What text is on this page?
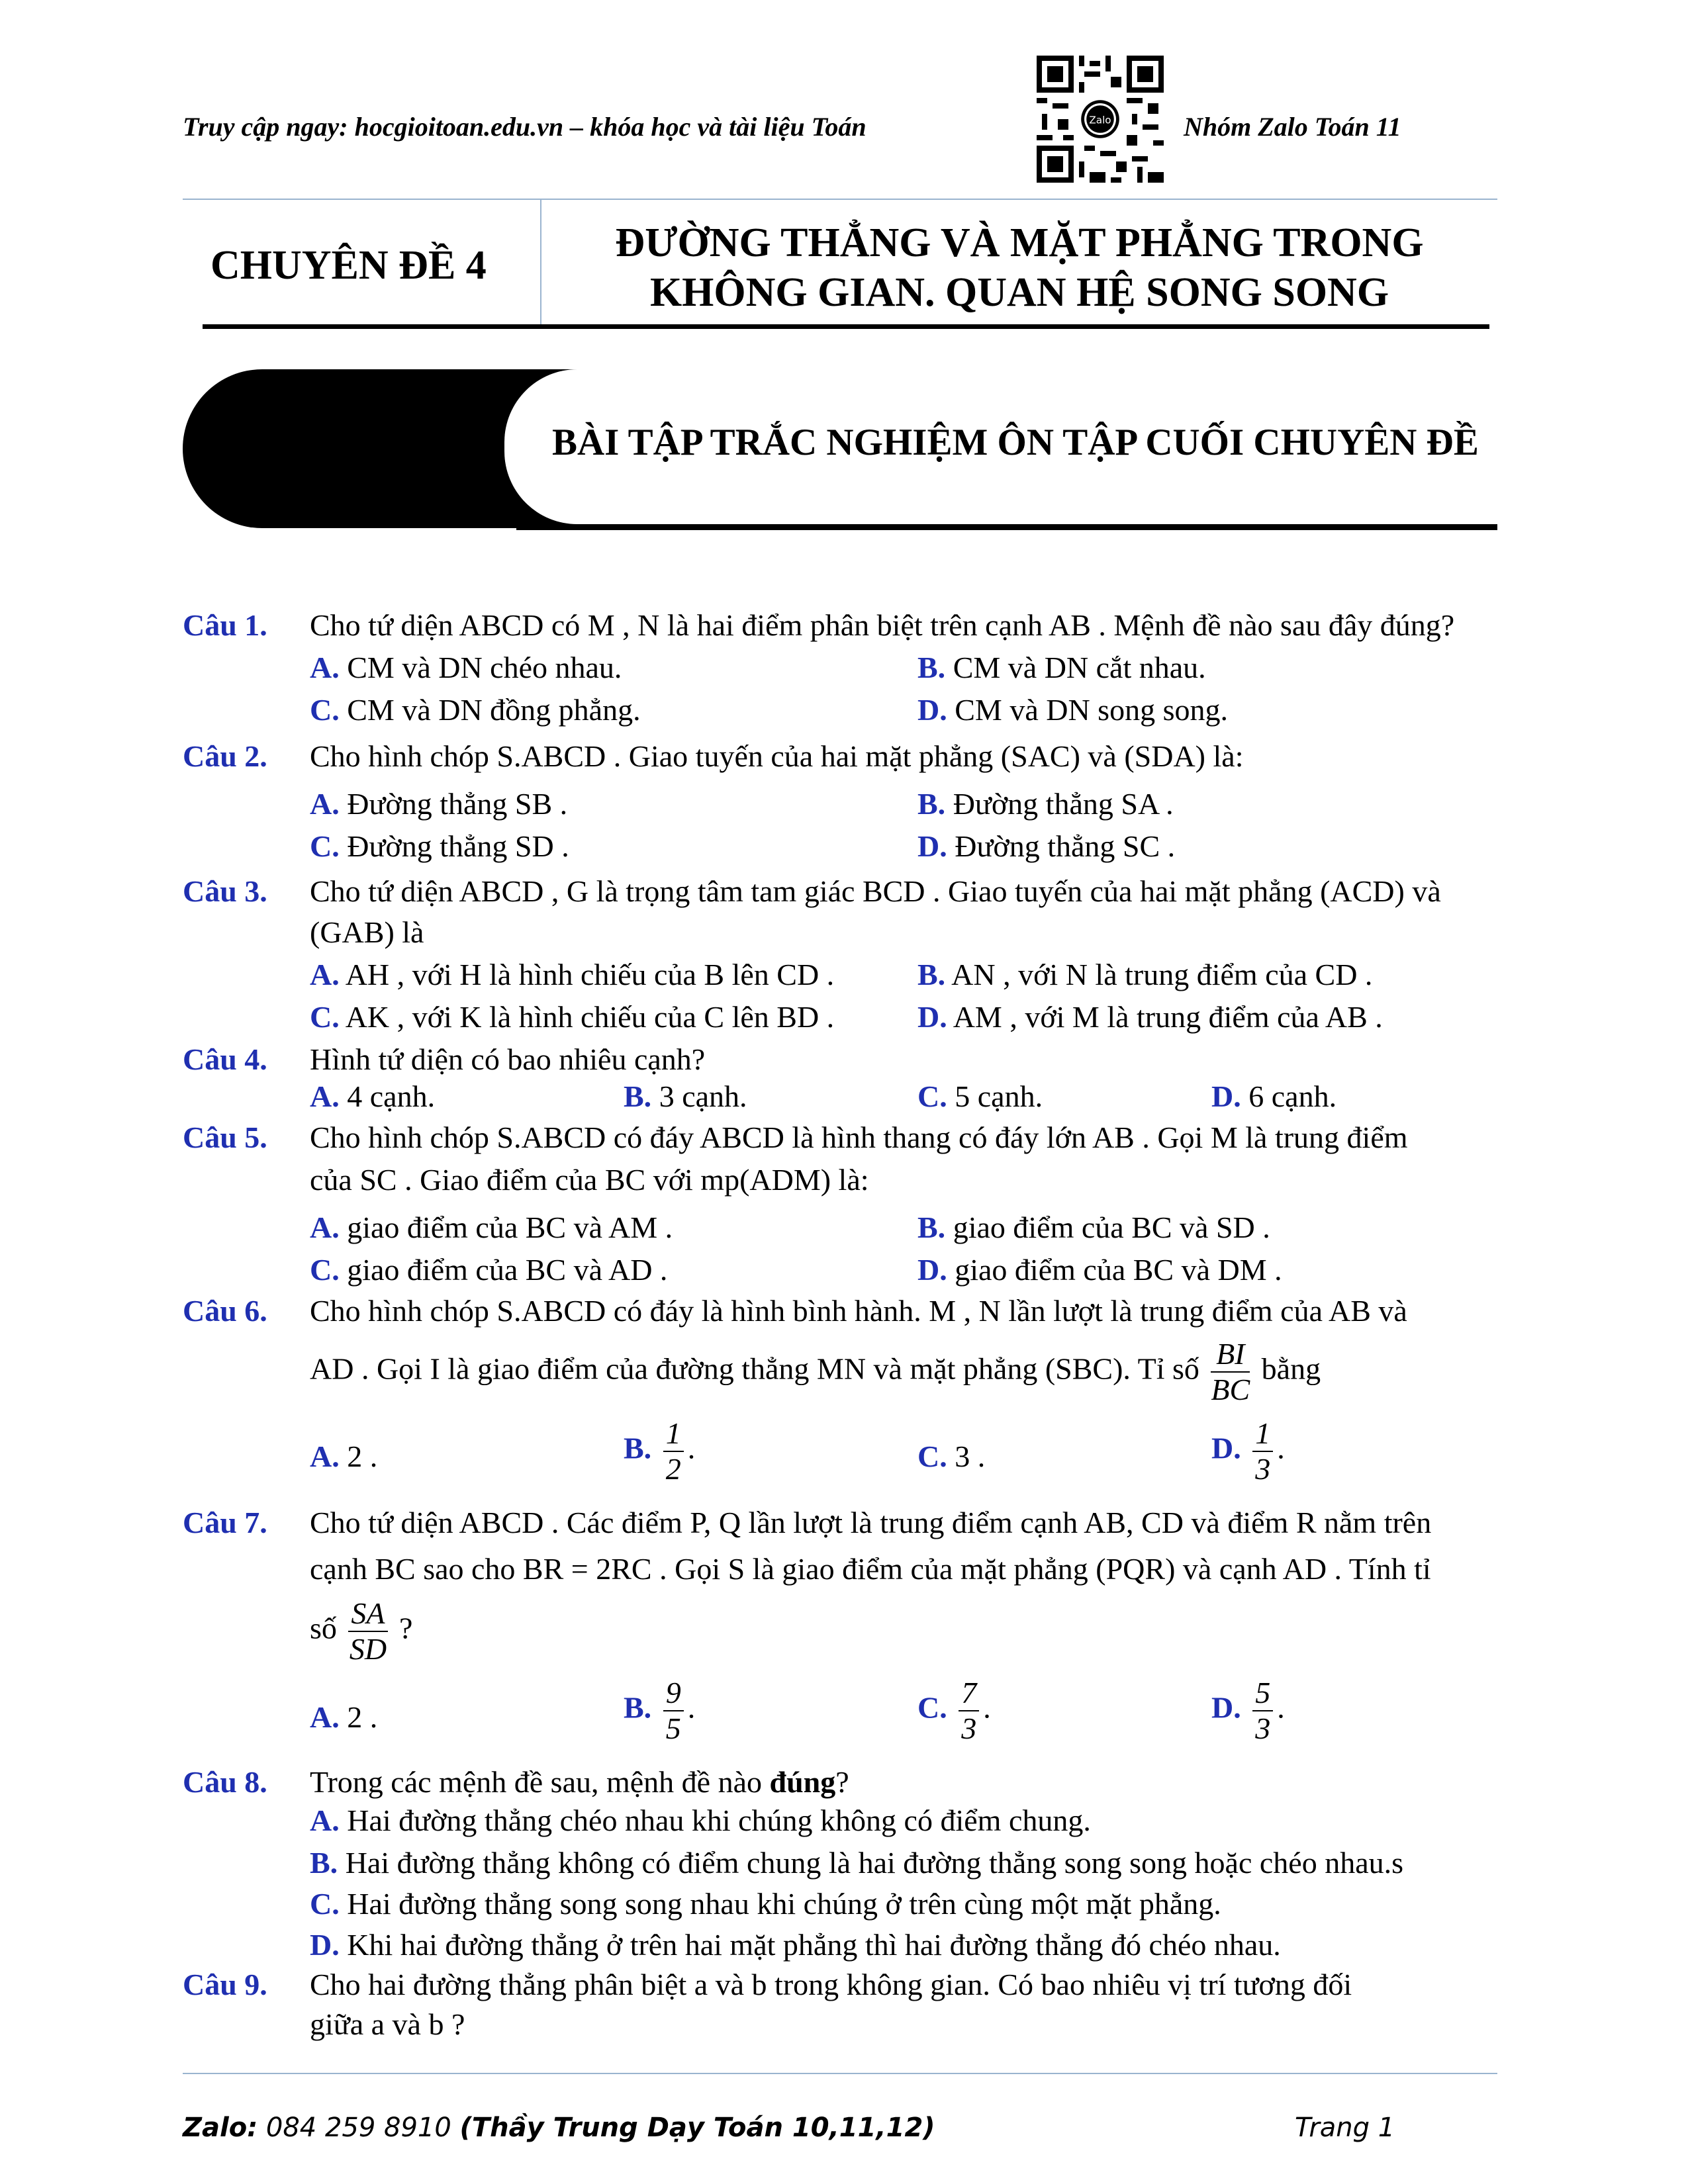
Truy cập ngay: hocgioitoan.edu.vn – khóa học và tài liệu Toán	Zalo	Nhóm Zalo Toán 11
CHUYÊN ĐỀ 4	ĐƯỜNG THẲNG VÀ MẶT PHẲNG TRONG
KHÔNG GIAN. QUAN HỆ SONG SONG
BÀI TẬP TRẮC NGHIỆM ÔN TẬP CUỐI CHUYÊN ĐỀ
Câu 1. Cho tứ diện ABCD có M , N là hai điểm phân biệt trên cạnh AB . Mệnh đề nào sau đây đúng?
A. CM và DN chéo nhau.	B. CM và DN cắt nhau.
C. CM và DN đồng phẳng.	D. CM và DN song song.
Câu 2. Cho hình chóp S.ABCD . Giao tuyến của hai mặt phẳng (SAC) và (SDA) là:
A. Đường thẳng SB .	B. Đường thẳng SA .
C. Đường thẳng SD .	D. Đường thẳng SC .
Câu 3. Cho tứ diện ABCD , G là trọng tâm tam giác BCD . Giao tuyến của hai mặt phẳng (ACD) và
(GAB) là
A. AH , với H là hình chiếu của B lên CD .	B. AN , với N là trung điểm của CD .
C. AK , với K là hình chiếu của C lên BD .	D. AM , với M là trung điểm của AB .
Câu 4. Hình tứ diện có bao nhiêu cạnh?
A. 4 cạnh.	B. 3 cạnh.	C. 5 cạnh.	D. 6 cạnh.
Câu 5. Cho hình chóp S.ABCD có đáy ABCD là hình thang có đáy lớn AB . Gọi M là trung điểm
của SC . Giao điểm của BC với mp(ADM) là:
A. giao điểm của BC và AM .	B. giao điểm của BC và SD .
C. giao điểm của BC và AD .	D. giao điểm của BC và DM .
Câu 6. Cho hình chóp S.ABCD có đáy là hình bình hành. M , N lần lượt là trung điểm của AB và
AD . Gọi I là giao điểm của đường thẳng MN và mặt phẳng (SBC). Tỉ số $\frac{BI}{BC}$ bằng
A. 2 .	B. $\frac{1}{2}$ .	C. 3 .	D. $\frac{1}{3}$ .
Câu 7. Cho tứ diện ABCD . Các điểm P, Q lần lượt là trung điểm cạnh AB, CD và điểm R nằm trên
cạnh BC sao cho BR = 2RC . Gọi S là giao điểm của mặt phẳng (PQR) và cạnh AD . Tính tỉ
số $\frac{SA}{SD}$ ?
A. 2 .	B. $\frac{9}{5}$ .	C. $\frac{7}{3}$ .	D. $\frac{5}{3}$ .
Câu 8. Trong các mệnh đề sau, mệnh đề nào đúng?
A. Hai đường thẳng chéo nhau khi chúng không có điểm chung.
B. Hai đường thẳng không có điểm chung là hai đường thẳng song song hoặc chéo nhau.s
C. Hai đường thẳng song song nhau khi chúng ở trên cùng một mặt phẳng.
D. Khi hai đường thẳng ở trên hai mặt phẳng thì hai đường thẳng đó chéo nhau.
Câu 9. Cho hai đường thẳng phân biệt a và b trong không gian. Có bao nhiêu vị trí tương đối
giữa a và b ?
Zalo: 084 259 8910 (Thầy Trung Dạy Toán 10,11,12)	Trang 1
